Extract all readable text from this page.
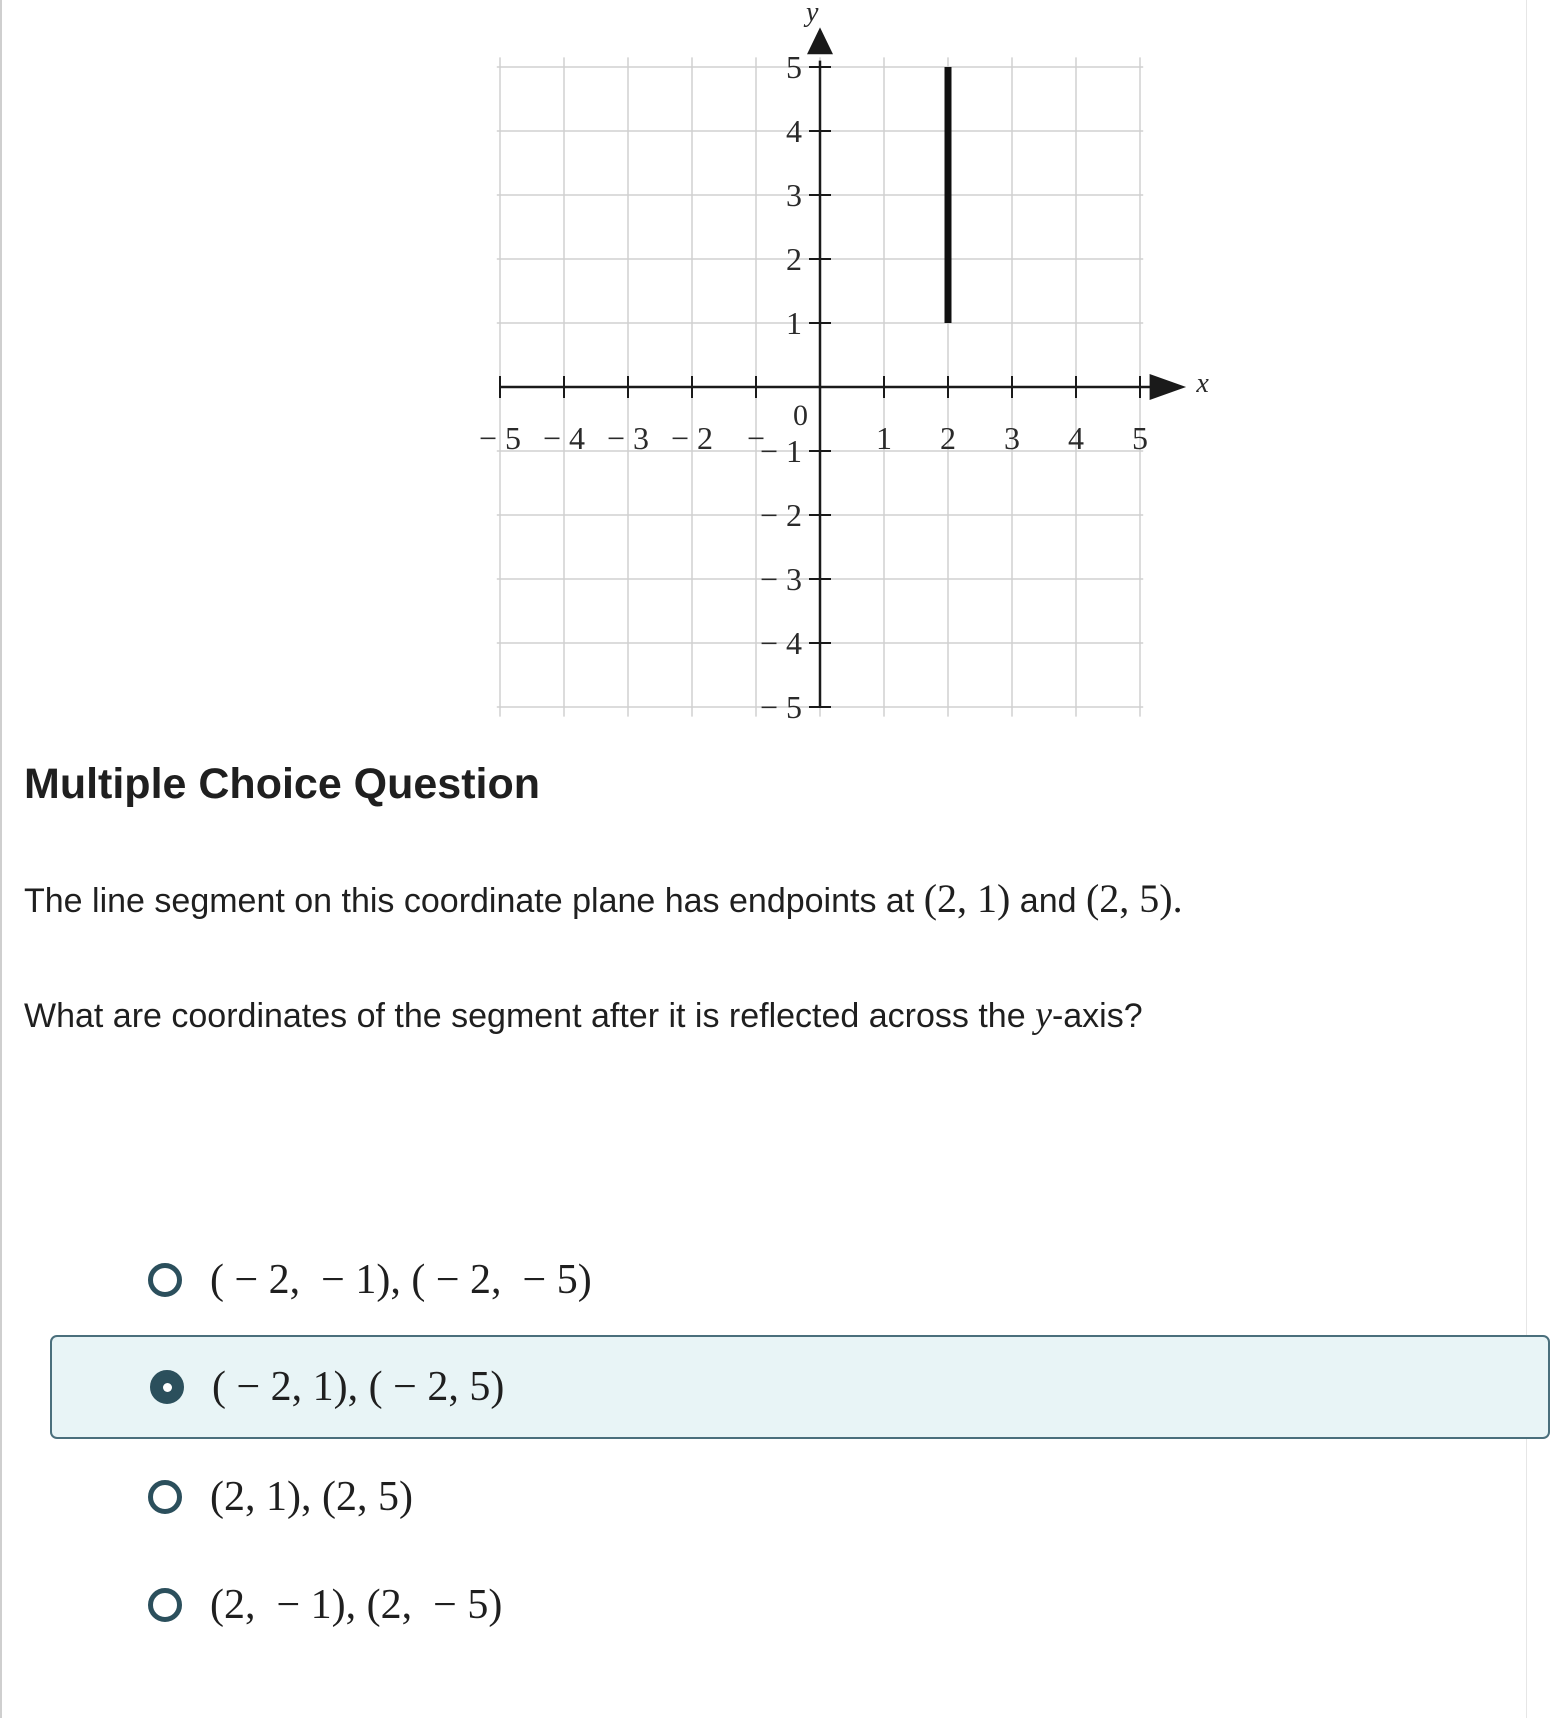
x
y
− 5 − 4 − 3 − 2 −	1 2 3 4 5
− 5
− 4
− 3
− 2
− 1
1
2
3
4
5
0
Multiple Choice Question

The line segment on this coordinate plane has endpoints at (2, 1) and (2, 5).

What are coordinates of the segment after it is reflected across the y-axis?

( − 2,  − 1), ( − 2,  − 5)
( − 2, 1), ( − 2, 5)
(2, 1), (2, 5)
(2,  − 1), (2,  − 5)
